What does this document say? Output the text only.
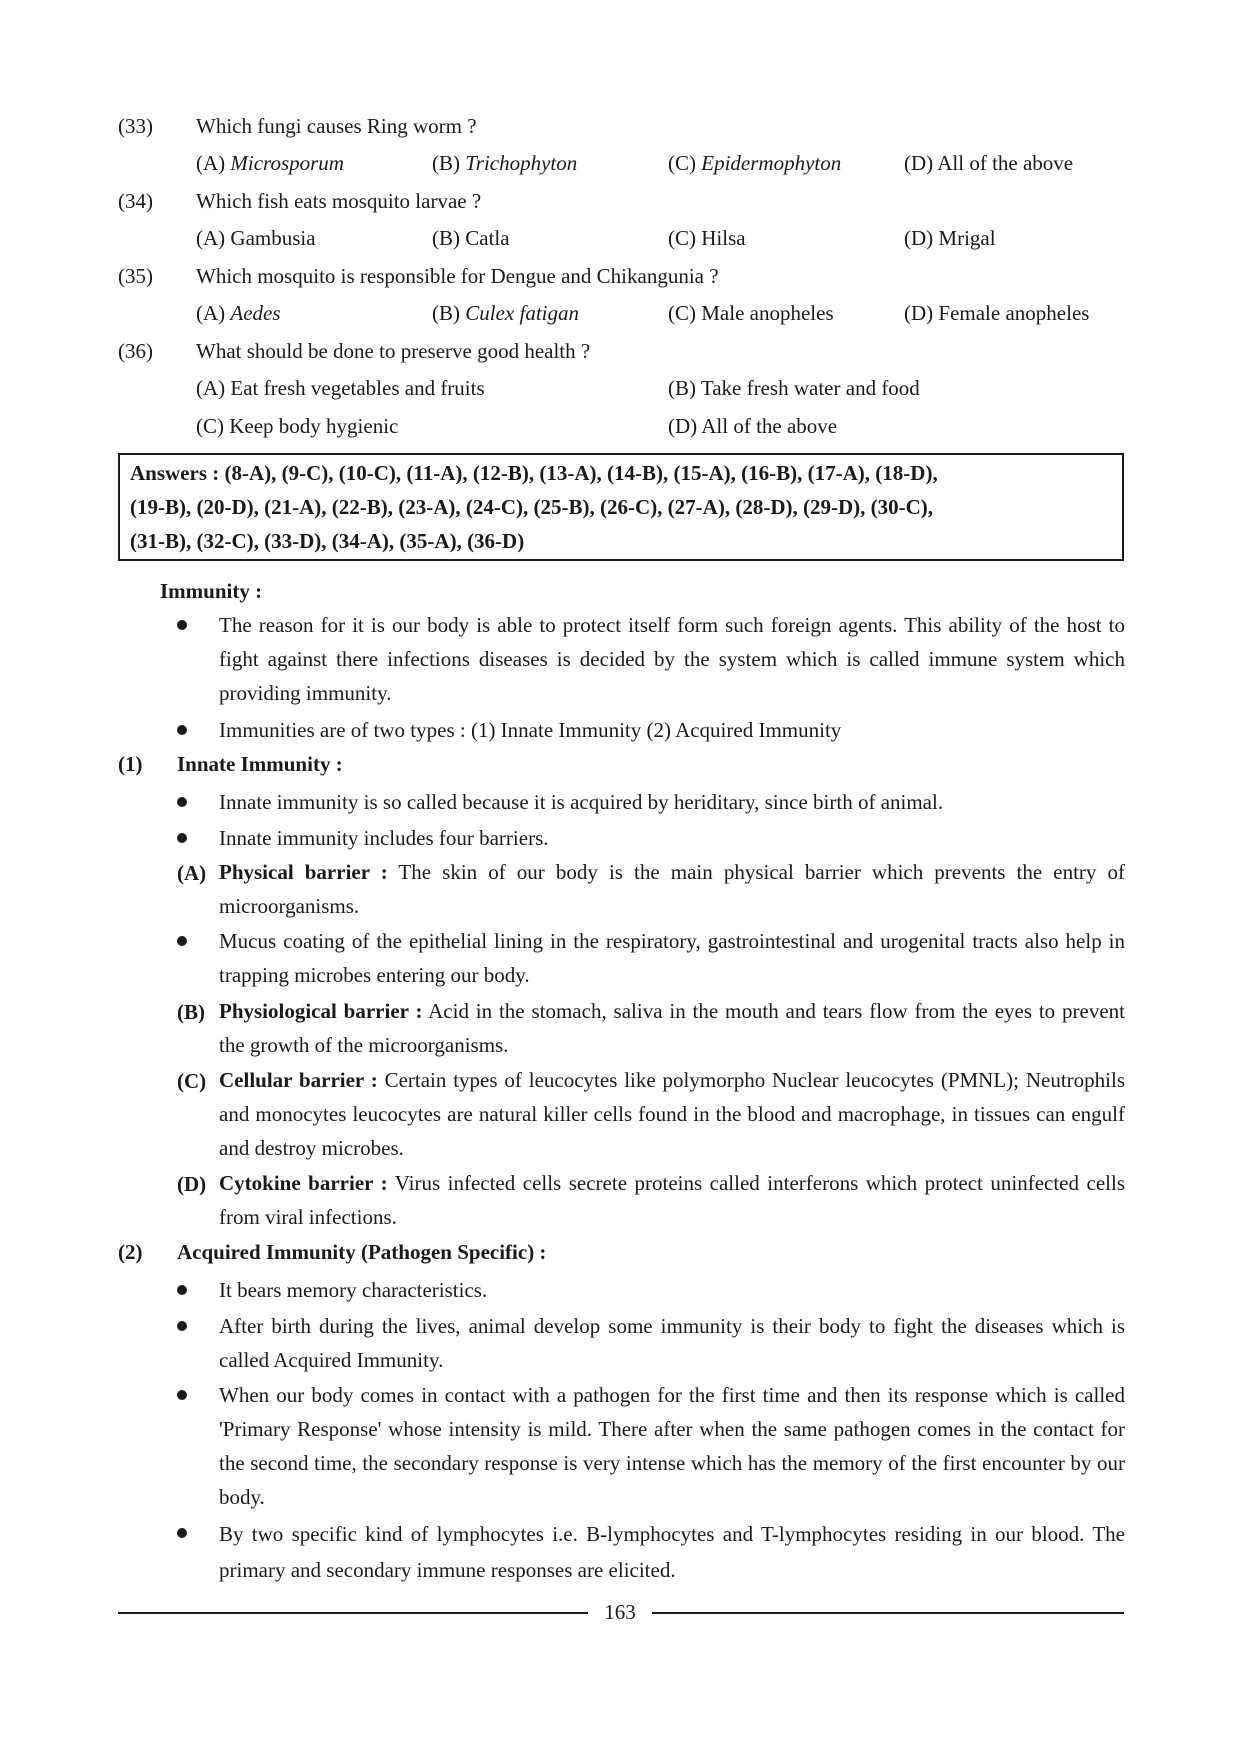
(33) Which fungi causes Ring worm ?
(A) Microsporum	(B) Trichophyton	(C) Epidermophyton	(D) All of the above
(34) Which fish eats mosquito larvae ?
(A) Gambusia	(B) Catla	(C) Hilsa	(D) Mrigal
(35) Which mosquito is responsible for Dengue and Chikangunia ?
(A) Aedes	(B) Culex fatigan	(C) Male anopheles	(D) Female anopheles
(36) What should be done to preserve good health ?
(A) Eat fresh vegetables and fruits	(B) Take fresh water and food
(C) Keep body hygienic	(D) All of the above
Answers : (8-A), (9-C), (10-C), (11-A), (12-B), (13-A), (14-B), (15-A), (16-B), (17-A), (18-D),
(19-B), (20-D), (21-A), (22-B), (23-A), (24-C), (25-B), (26-C), (27-A), (28-D), (29-D), (30-C),
(31-B), (32-C), (33-D), (34-A), (35-A), (36-D)
Immunity :
The reason for it is our body is able to protect itself form such foreign agents. This ability of the host to fight against there infections diseases is decided by the system which is called immune system which providing immunity.
Immunities are of two types : (1) Innate Immunity (2) Acquired Immunity
(1) Innate Immunity :
Innate immunity is so called because it is acquired by heriditary, since birth of animal.
Innate immunity includes four barriers.
(A) Physical barrier : The skin of our body is the main physical barrier which prevents the entry of microorganisms.
Mucus coating of the epithelial lining in the respiratory, gastrointestinal and urogenital tracts also help in trapping microbes entering our body.
(B) Physiological barrier : Acid in the stomach, saliva in the mouth and tears flow from the eyes to prevent the growth of the microorganisms.
(C) Cellular barrier : Certain types of leucocytes like polymorpho Nuclear leucocytes (PMNL); Neutrophils and monocytes leucocytes are natural killer cells found in the blood and macrophage, in tissues can engulf and destroy microbes.
(D) Cytokine barrier : Virus infected cells secrete proteins called interferons which protect uninfected cells from viral infections.
(2) Acquired Immunity (Pathogen Specific) :
It bears memory characteristics.
After birth during the lives, animal develop some immunity is their body to fight the diseases which is called Acquired Immunity.
When our body comes in contact with a pathogen for the first time and then its response which is called 'Primary Response' whose intensity is mild. There after when the same pathogen comes in the contact for the second time, the secondary response is very intense which has the memory of the first encounter by our body.
By two specific kind of lymphocytes i.e. B-lymphocytes and T-lymphocytes residing in our blood. The primary and secondary immune responses are elicited.
163
